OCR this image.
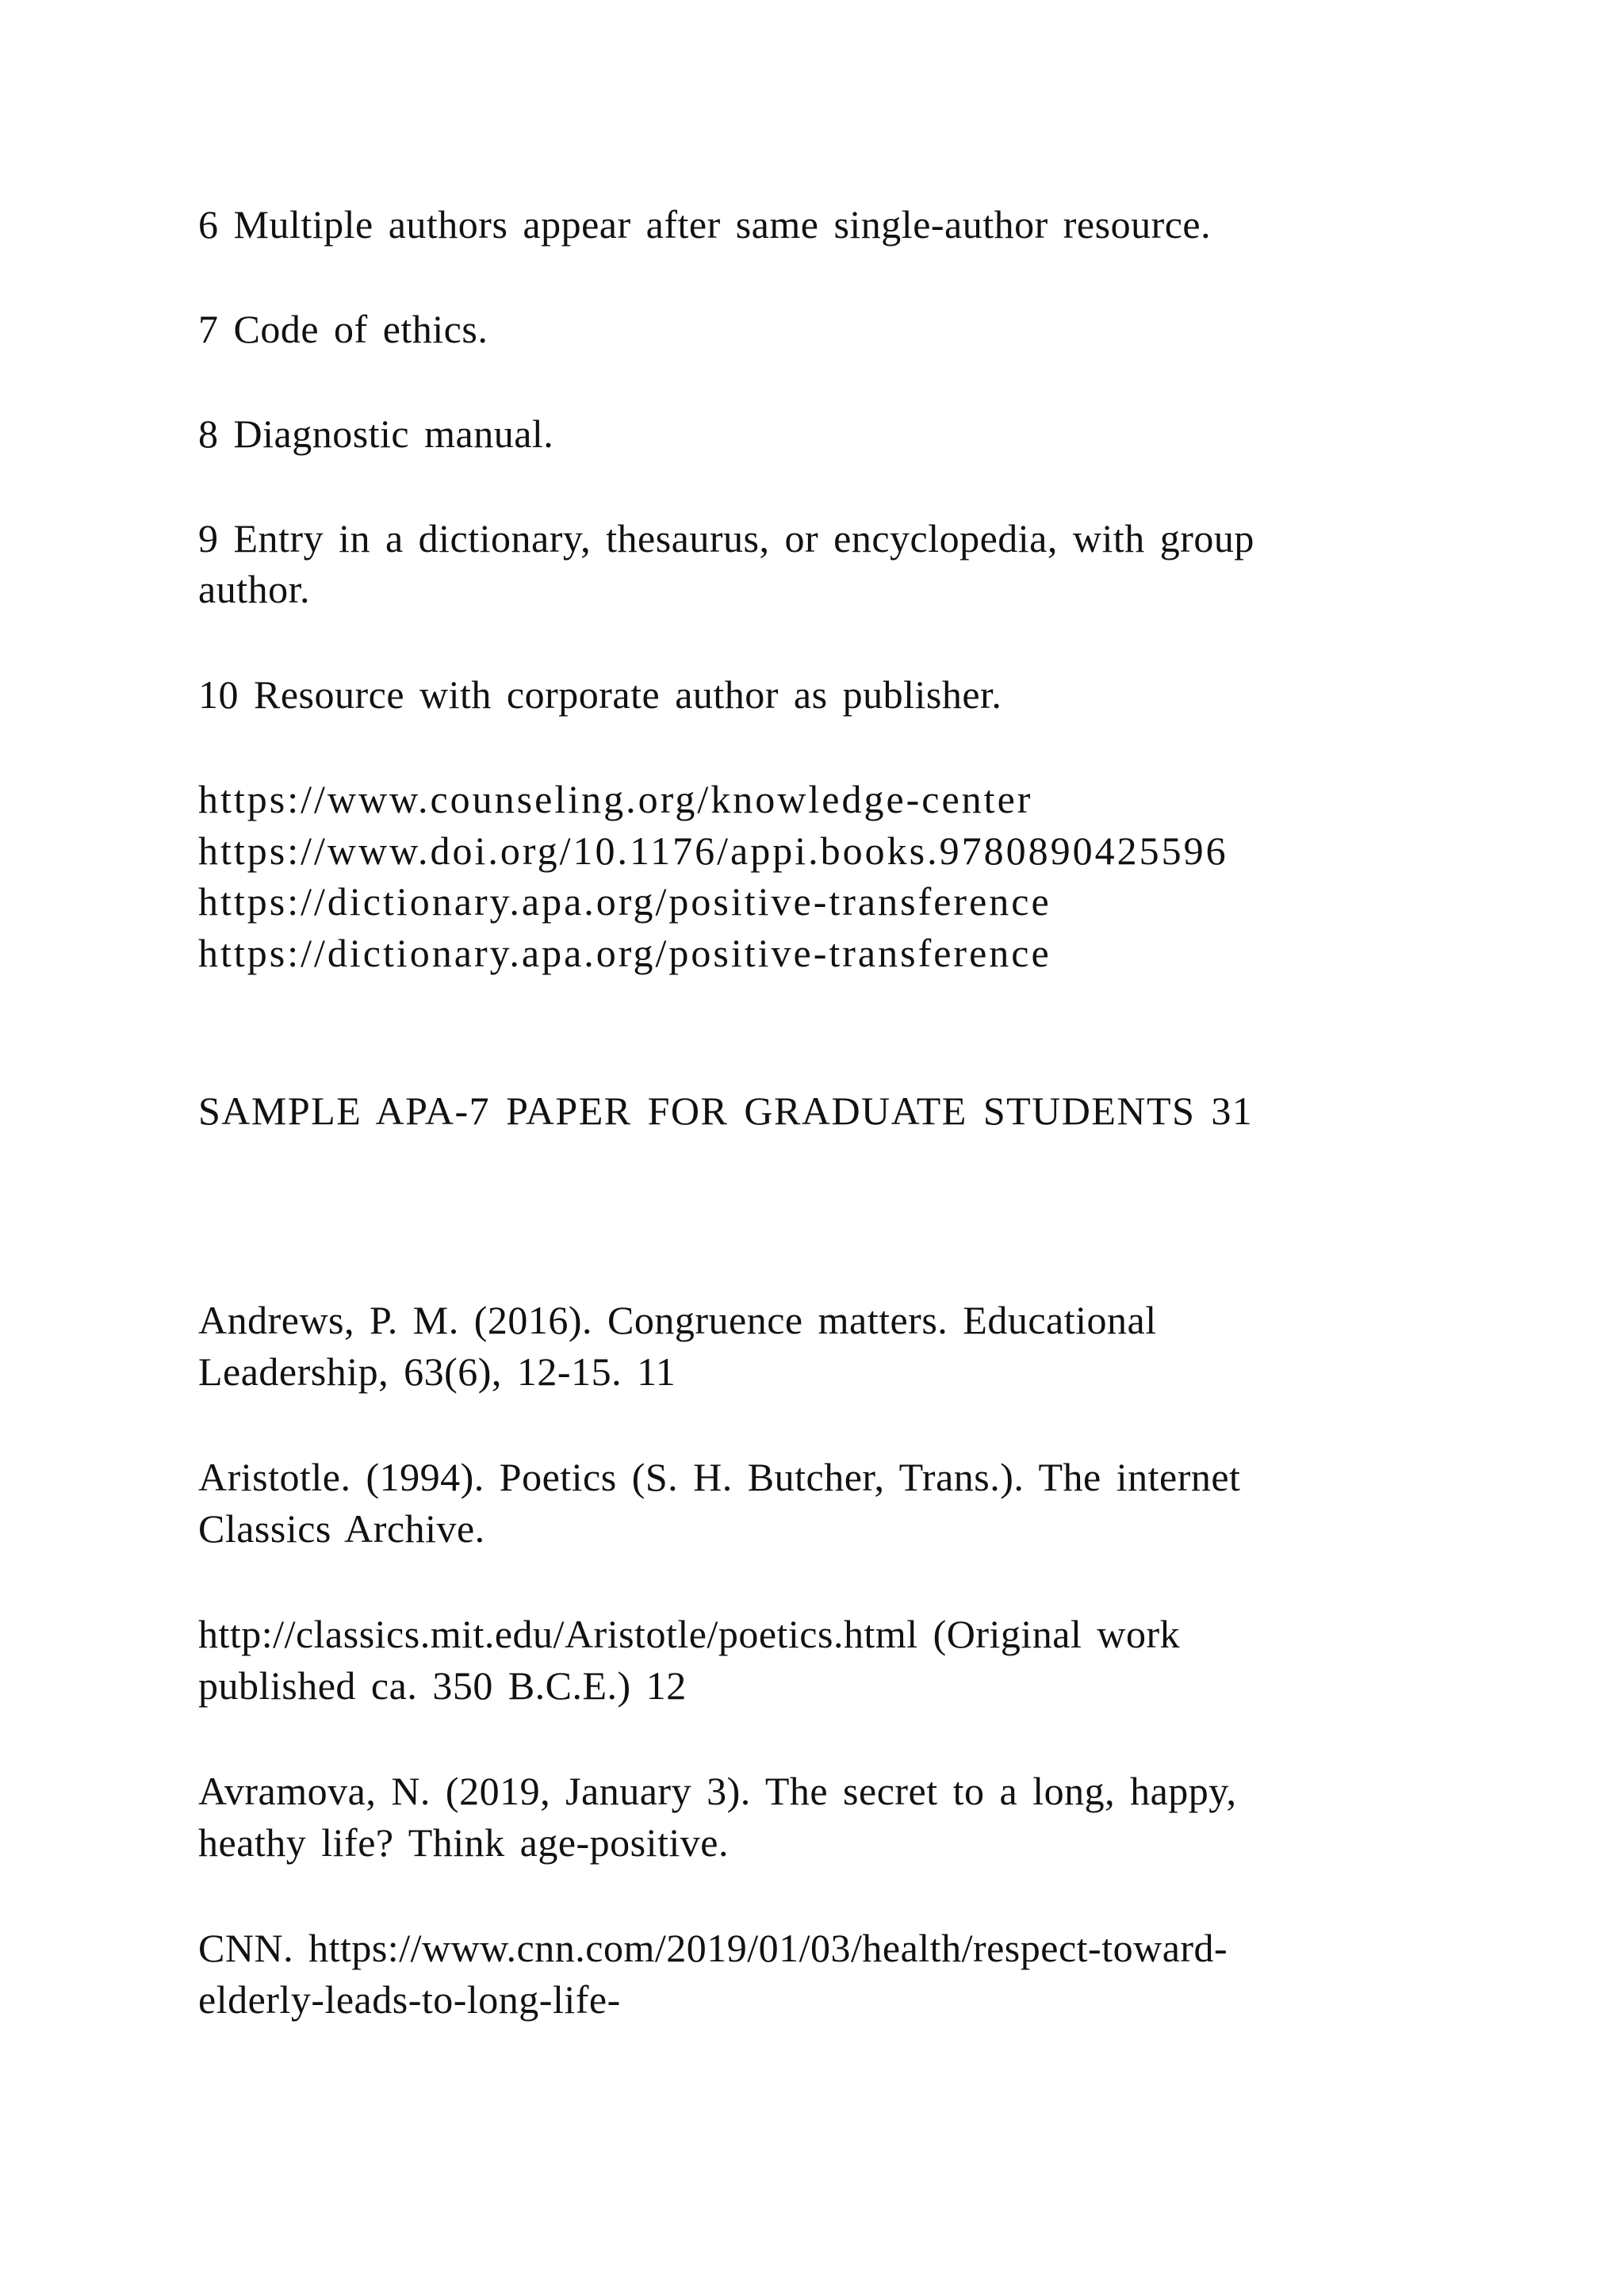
6 Multiple authors appear after same single-author resource.
7 Code of ethics.
8 Diagnostic manual.
9 Entry in a dictionary, thesaurus, or encyclopedia, with group
author.
10 Resource with corporate author as publisher.
https://www.counseling.org/knowledge-center
https://www.doi.org/10.1176/appi.books.9780890425596
https://dictionary.apa.org/positive-transference
https://dictionary.apa.org/positive-transference
SAMPLE APA-7 PAPER FOR GRADUATE STUDENTS 31
Andrews, P. M. (2016). Congruence matters. Educational
Leadership, 63(6), 12-15. 11
Aristotle. (1994). Poetics (S. H. Butcher, Trans.). The internet
Classics Archive.
http://classics.mit.edu/Aristotle/poetics.html (Original work
published ca. 350 B.C.E.) 12
Avramova, N. (2019, January 3). The secret to a long, happy,
heathy life? Think age-positive.
CNN. https://www.cnn.com/2019/01/03/health/respect-toward-
elderly-leads-to-long-life-
